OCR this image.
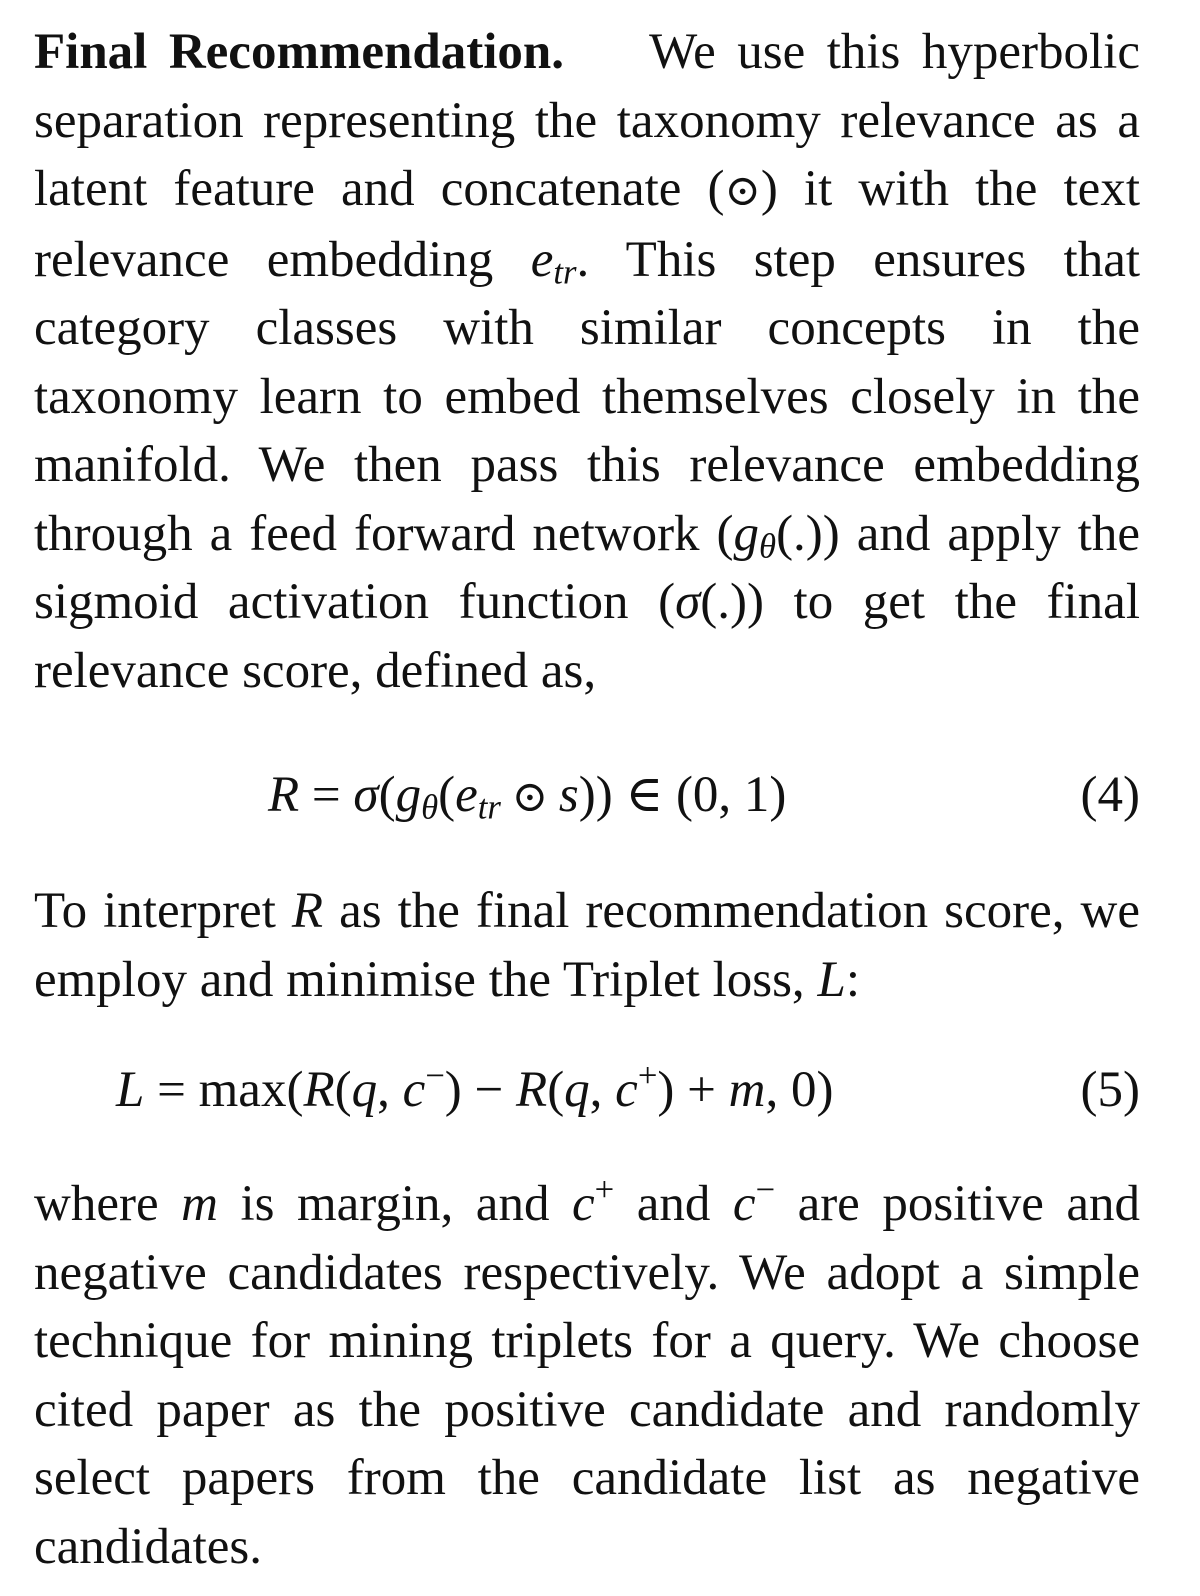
Final Recommendation. We use this hyperbolic separation representing the taxonomy relevance as a latent feature and concatenate (⊙) it with the text relevance embedding $e_{tr}$. This step ensures that category classes with similar concepts in the taxonomy learn to embed themselves closely in the manifold. We then pass this relevance embedding through a feed forward network $(g_\theta(.))$ and apply the sigmoid activation function (σ(.)) to get the final relevance score, defined as,

$R = \sigma(g_\theta(e_{tr}$ ⊙ s)) ∈ (0, 1)	(4)

To interpret R as the final recommendation score, we employ and minimise the Triplet loss, L:

L = max(R(q, c−) − R(q, c+) + m, 0)	(5)

where m is margin, and c+ and c− are positive and negative candidates respectively. We adopt a simple technique for mining triplets for a query. We choose cited paper as the positive candidate and randomly select papers from the candidate list as negative candidates.
